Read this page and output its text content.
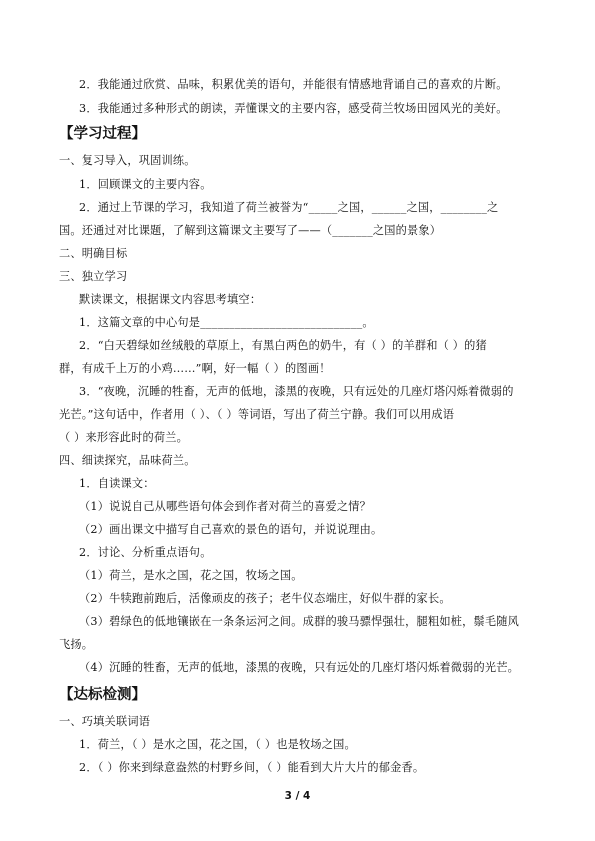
2．我能通过欣赏、品味，积累优美的语句，并能很有情感地背诵自己的喜欢的片断。
3．我能通过多种形式的朗读，弄懂课文的主要内容，感受荷兰牧场田园风光的美好。
【学习过程】
一、复习导入，巩固训练。
1．回顾课文的主要内容。
2．通过上节课的学习，我知道了荷兰被誉为“_____之国，______之国，________之
国。还通过对比课题，了解到这篇课文主要写了——（_______之国的景象）
二、明确目标
三、独立学习
默读课文，根据课文内容思考填空：
1．这篇文章的中心句是____________________________。
2．“白天碧绿如丝绒般的草原上，有黑白两色的奶牛，有（ ）的羊群和（ ）的猪
群，有成千上万的小鸡……”啊，好一幅（ ）的图画！
3．“夜晚，沉睡的牲畜，无声的低地，漆黑的夜晚，只有远处的几座灯塔闪烁着微弱的
光芒。”这句话中，作者用（ ）、（ ）等词语，写出了荷兰宁静。我们可以用成语
（ ）来形容此时的荷兰。
四、细读探究，品味荷兰。
1．自读课文：
（1）说说自己从哪些语句体会到作者对荷兰的喜爱之情？
（2）画出课文中描写自己喜欢的景色的语句，并说说理由。
2．讨论、分析重点语句。
（1）荷兰，是水之国，花之国，牧场之国。
（2）牛犊跑前跑后，活像顽皮的孩子；老牛仪态端庄，好似牛群的家长。
（3）碧绿色的低地镶嵌在一条条运河之间。成群的骏马骠悍强壮，腿粗如桩，鬃毛随风
飞扬。
（4）沉睡的牲畜，无声的低地，漆黑的夜晚，只有远处的几座灯塔闪烁着微弱的光芒。
【达标检测】
一、巧填关联词语
1．荷兰，（ ）是水之国，花之国，（ ）也是牧场之国。
2．（ ）你来到绿意盎然的村野乡间，（ ）能看到大片大片的郁金香。
3 / 4
